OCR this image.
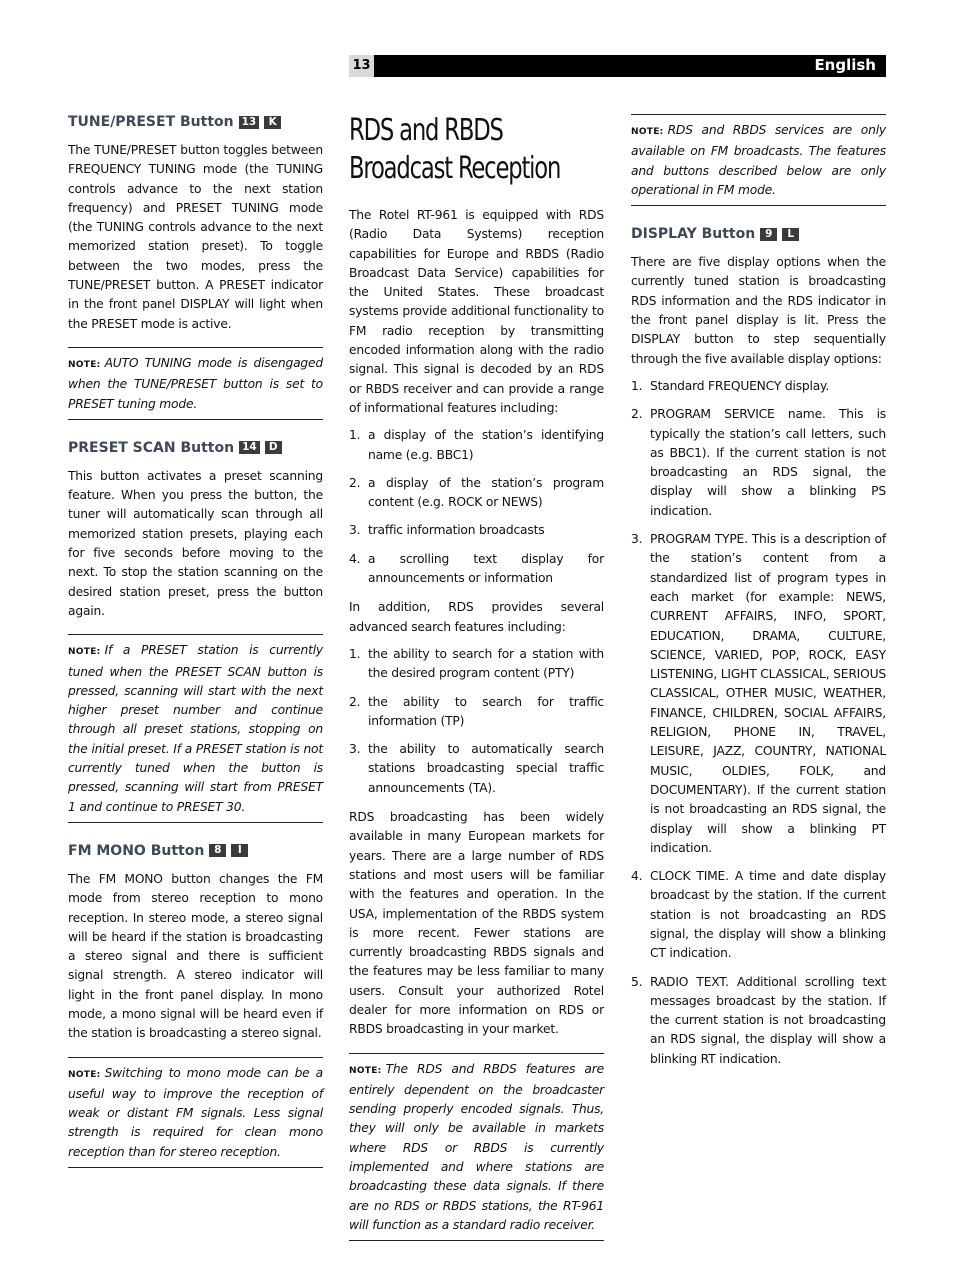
13	English
TUNE/PRESET Button 13	K

The TUNE/PRESET button toggles between FREQUENCY TUNING mode (the TUNING controls advance to the next station frequency) and PRESET TUNING mode (the TUNING controls advance to the next memorized station preset). To toggle between the two modes, press the TUNE/PRESET button. A PRESET indicator in the front panel DISPLAY will light when the PRESET mode is active.

NOTE: AUTO TUNING mode is disengaged when the TUNE/PRESET button is set to PRESET tuning mode.

PRESET SCAN Button 14	D

This button activates a preset scanning feature. When you press the button, the tuner will automatically scan through all memorized station presets, playing each for five seconds before moving to the next. To stop the station scanning on the desired station preset, press the button again.

NOTE: If a PRESET station is currently tuned when the PRESET SCAN button is pressed, scanning will start with the next higher preset number and continue through all preset stations, stopping on the initial preset. If a PRESET station is not currently tuned when the button is pressed, scanning will start from PRESET 1 and continue to PRESET 30.

FM MONO Button 8	I

The FM MONO button changes the FM mode from stereo reception to mono reception. In stereo mode, a stereo signal will be heard if the station is broadcasting a stereo signal and there is sufficient signal strength. A stereo indicator will light in the front panel display. In mono mode, a mono signal will be heard even if the station is broadcasting a stereo signal.

NOTE: Switching to mono mode can be a useful way to improve the reception of weak or distant FM signals. Less signal strength is required for clean mono reception than for stereo reception.

RDS and RBDS Broadcast Reception

The Rotel RT-961 is equipped with RDS (Radio Data Systems) reception capabilities for Europe and RBDS (Radio Broadcast Data Service) capabilities for the United States. These broadcast systems provide additional functionality to FM radio reception by transmitting encoded information along with the radio signal. This signal is decoded by an RDS or RBDS receiver and can provide a range of informational features including:

1. a display of the station’s identifying name (e.g. BBC1)
2. a display of the station’s program content (e.g. ROCK or NEWS)
3. traffic information broadcasts
4. a scrolling text display for announcements or information

In addition, RDS provides several advanced search features including:

1. the ability to search for a station with the desired program content (PTY)
2. the ability to search for traffic information (TP)
3. the ability to automatically search stations broadcasting special traffic announcements (TA).

RDS broadcasting has been widely available in many European markets for years. There are a large number of RDS stations and most users will be familiar with the features and operation. In the USA, implementation of the RBDS system is more recent. Fewer stations are currently broadcasting RBDS signals and the features may be less familiar to many users. Consult your authorized Rotel dealer for more information on RDS or RBDS broadcasting in your market.

NOTE: The RDS and RBDS features are entirely dependent on the broadcaster sending properly encoded signals. Thus, they will only be available in markets where RDS or RBDS is currently implemented and where stations are broadcasting these data signals. If there are no RDS or RBDS stations, the RT-961 will function as a standard radio receiver.

NOTE: RDS and RBDS services are only available on FM broadcasts. The features and buttons described below are only operational in FM mode.

DISPLAY Button 9	L

There are five display options when the currently tuned station is broadcasting RDS information and the RDS indicator in the front panel display is lit. Press the DISPLAY button to step sequentially through the five available display options:

1. Standard FREQUENCY display.
2. PROGRAM SERVICE name. This is typically the station’s call letters, such as BBC1). If the current station is not broadcasting an RDS signal, the display will show a blinking PS indication.
3. PROGRAM TYPE. This is a description of the station’s content from a standardized list of program types in each market (for example: NEWS, CURRENT AFFAIRS, INFO, SPORT, EDUCATION, DRAMA, CULTURE, SCIENCE, VARIED, POP, ROCK, EASY LISTENING, LIGHT CLASSICAL, SERIOUS CLASSICAL, OTHER MUSIC, WEATHER, FINANCE, CHILDREN, SOCIAL AFFAIRS, RELIGION, PHONE IN, TRAVEL, LEISURE, JAZZ, COUNTRY, NATIONAL MUSIC, OLDIES, FOLK, and DOCUMENTARY). If the current station is not broadcasting an RDS signal, the display will show a blinking PT indication.
4. CLOCK TIME. A time and date display broadcast by the station. If the current station is not broadcasting an RDS signal, the display will show a blinking CT indication.
5. RADIO TEXT. Additional scrolling text messages broadcast by the station. If the current station is not broadcasting an RDS signal, the display will show a blinking RT indication.
